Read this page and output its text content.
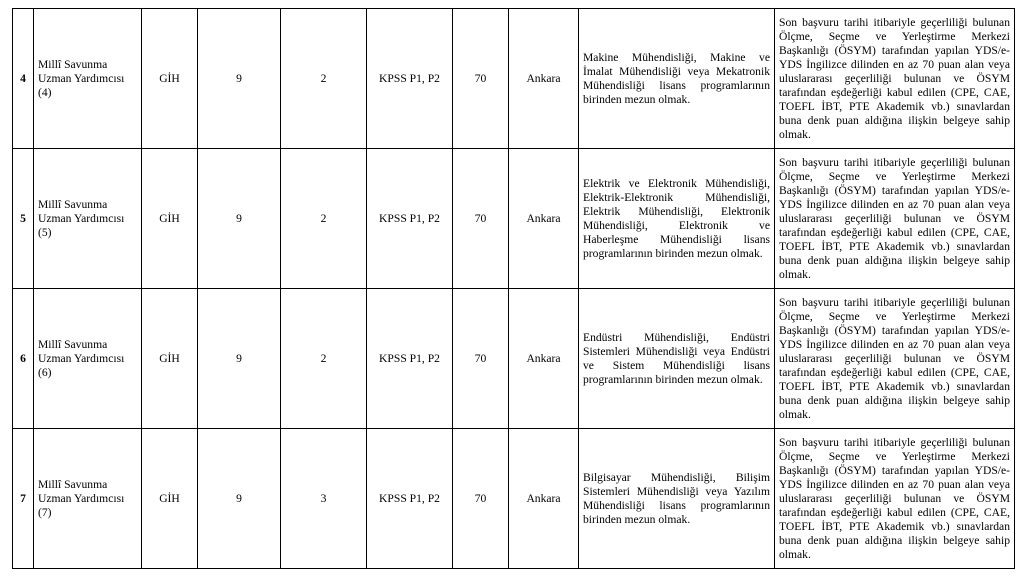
4	Millî Savunma Uzman Yardımcısı (4)	GİH	9	2	KPSS P1, P2	70	Ankara	Makine Mühendisliği, Makine ve İmalat Mühendisliği veya Mekatronik Mühendisliği lisans programlarının birinden mezun olmak.	Son başvuru tarihi itibariyle geçerliliği bulunan Ölçme, Seçme ve Yerleştirme Merkezi Başkanlığı (ÖSYM) tarafından yapılan YDS/e-YDS İngilizce dilinden en az 70 puan alan veya uluslararası geçerliliği bulunan ve ÖSYM tarafından eşdeğerliği kabul edilen (CPE, CAE, TOEFL İBT, PTE Akademik vb.) sınavlardan buna denk puan aldığına ilişkin belgeye sahip olmak.
5	Millî Savunma Uzman Yardımcısı (5)	GİH	9	2	KPSS P1, P2	70	Ankara	Elektrik ve Elektronik Mühendisliği, Elektrik-Elektronik Mühendisliği, Elektrik Mühendisliği, Elektronik Mühendisliği, Elektronik ve Haberleşme Mühendisliği lisans programlarının birinden mezun olmak.	Son başvuru tarihi itibariyle geçerliliği bulunan Ölçme, Seçme ve Yerleştirme Merkezi Başkanlığı (ÖSYM) tarafından yapılan YDS/e-YDS İngilizce dilinden en az 70 puan alan veya uluslararası geçerliliği bulunan ve ÖSYM tarafından eşdeğerliği kabul edilen (CPE, CAE, TOEFL İBT, PTE Akademik vb.) sınavlardan buna denk puan aldığına ilişkin belgeye sahip olmak.
6	Millî Savunma Uzman Yardımcısı (6)	GİH	9	2	KPSS P1, P2	70	Ankara	Endüstri Mühendisliği, Endüstri Sistemleri Mühendisliği veya Endüstri ve Sistem Mühendisliği lisans programlarının birinden mezun olmak.	Son başvuru tarihi itibariyle geçerliliği bulunan Ölçme, Seçme ve Yerleştirme Merkezi Başkanlığı (ÖSYM) tarafından yapılan YDS/e-YDS İngilizce dilinden en az 70 puan alan veya uluslararası geçerliliği bulunan ve ÖSYM tarafından eşdeğerliği kabul edilen (CPE, CAE, TOEFL İBT, PTE Akademik vb.) sınavlardan buna denk puan aldığına ilişkin belgeye sahip olmak.
7	Millî Savunma Uzman Yardımcısı (7)	GİH	9	3	KPSS P1, P2	70	Ankara	Bilgisayar Mühendisliği, Bilişim Sistemleri Mühendisliği veya Yazılım Mühendisliği lisans programlarının birinden mezun olmak.	Son başvuru tarihi itibariyle geçerliliği bulunan Ölçme, Seçme ve Yerleştirme Merkezi Başkanlığı (ÖSYM) tarafından yapılan YDS/e-YDS İngilizce dilinden en az 70 puan alan veya uluslararası geçerliliği bulunan ve ÖSYM tarafından eşdeğerliği kabul edilen (CPE, CAE, TOEFL İBT, PTE Akademik vb.) sınavlardan buna denk puan aldığına ilişkin belgeye sahip olmak.
